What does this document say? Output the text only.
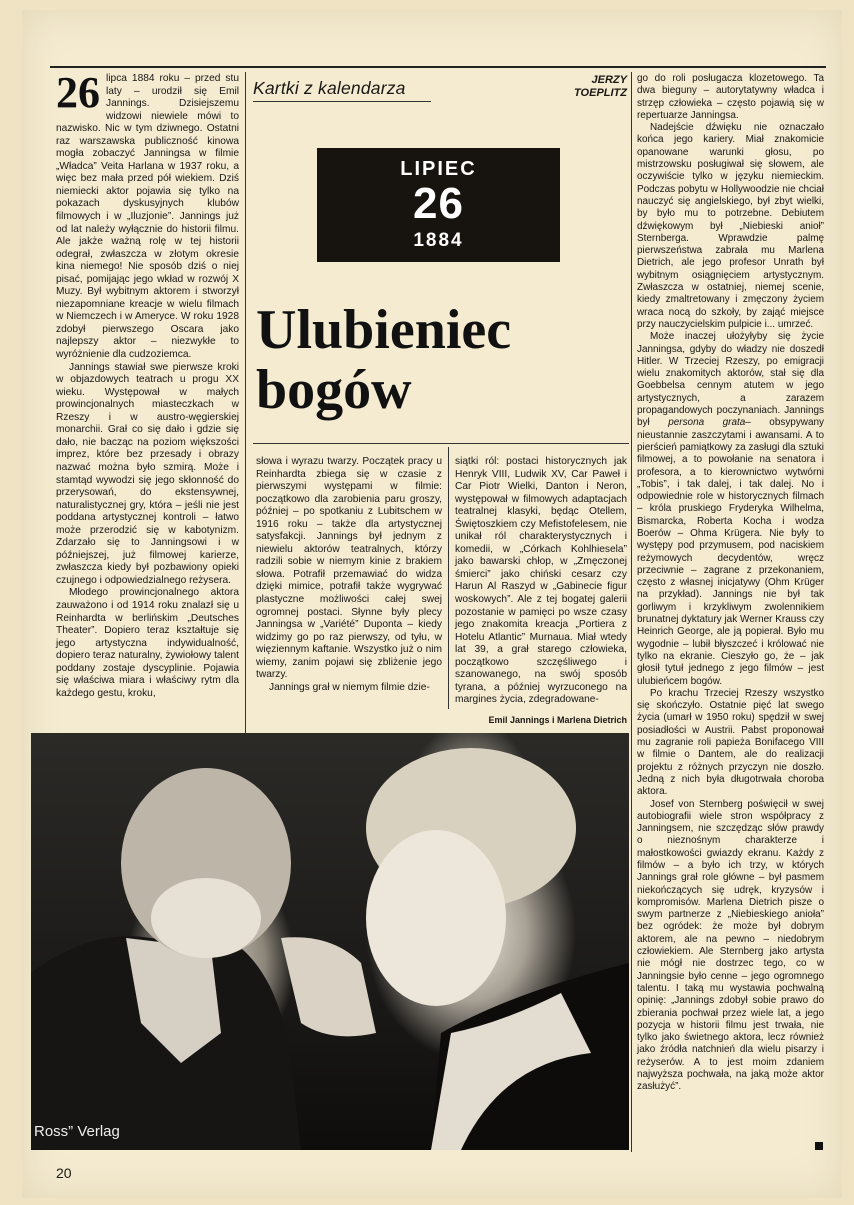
26 lipca 1884 roku – przed stu laty – urodził się Emil Jannings. Dzisiejszemu widzowi niewiele mówi to nazwisko. Nic w tym dziwnego. Ostatni raz warszawska publiczność kinowa mogła zobaczyć Janningsa w filmie „Władca” Veita Harlana w 1937 roku, a więc bez mała przed pół wiekiem. Dziś niemiecki aktor pojawia się tylko na pokazach dyskusyjnych klubów filmowych i w „Iluzjonie”. Jannings już od lat należy wyłącznie do historii filmu. Ale jakże ważną rolę w tej historii odegrał, zwłaszcza w złotym okresie kina niemego! Nie sposób dziś o niej pisać, pomijając jego wkład w rozwój X Muzy. Był wybitnym aktorem i stworzył niezapomniane kreacje w wielu filmach w Niemczech i w Ameryce. W roku 1928 zdobył pierwszego Oscara jako najlepszy aktor – niezwykłe to wyróżnienie dla cudzoziemca.

Jannings stawiał swe pierwsze kroki w objazdowych teatrach u progu XX wieku. Występował w małych prowincjonalnych miasteczkach w Rzeszy i w austro-węgierskiej monarchii. Grał co się dało i gdzie się dało, nie bacząc na poziom większości imprez, które bez przesady i obrazy nazwać można było szmirą. Może i stamtąd wywodzi się jego skłonność do przerysowań, do ekstensywnej, naturalistycznej gry, która – jeśli nie jest poddana artystycznej kontroli – łatwo może przerodzić się w kabotynizm. Zdarzało się to Janningsowi i w późniejszej, już filmowej karierze, zwłaszcza kiedy był pozbawiony opieki czujnego i odpowiedzialnego reżysera.

Młodego prowincjonalnego aktora zauważono i od 1914 roku znalazł się u Reinhardta w berlińskim „Deutsches Theater”. Dopiero teraz kształtuje się jego artystyczna indywidualność, dopiero teraz naturalny, żywiołowy talent poddany zostaje dyscyplinie. Pojawia się właściwa miara i właściwy rytm dla każdego gestu, kroku,

Kartki z kalendarza	JERZY TOEPLITZ
LIPIEC
26
1884
Ulubieniec
bogów

słowa i wyrazu twarzy. Początek pracy u Reinhardta zbiega się w czasie z pierwszymi występami w filmie: początkowo dla zarobienia paru groszy, później – po spotkaniu z Lubitschem w 1916 roku – także dla artystycznej satysfakcji. Jannings był jednym z niewielu aktorów teatralnych, którzy radzili sobie w niemym kinie z brakiem słowa. Potrafił przemawiać do widza dzięki mimice, potrafił także wygrywać plastyczne możliwości całej swej ogromnej postaci. Słynne były plecy Janningsa w „Variété” Duponta – kiedy widzimy go po raz pierwszy, od tyłu, w więziennym kaftanie. Wszystko już o nim wiemy, zanim pojawi się zbliżenie jego twarzy.

Jannings grał w niemym filmie dzie-

siątki ról: postaci historycznych jak Henryk VIII, Ludwik XV, Car Paweł i Car Piotr Wielki, Danton i Neron, występował w filmowych adaptacjach teatralnej klasyki, będąc Otellem, Świętoszkiem czy Mefistofelesem, nie unikał ról charakterystycznych i komedii, w „Córkach Kohlhiesela” jako bawarski chłop, w „Zmęczonej śmierci” jako chiński cesarz czy Harun Al Raszyd w „Gabinecie figur woskowych”. Ale z tej bogatej galerii pozostanie w pamięci po wsze czasy jego znakomita kreacja „Portiera z Hotelu Atlantic” Murnaua. Miał wtedy lat 39, a grał starego człowieka, początkowo szczęśliwego i szanowanego, na swój sposób tyrana, a później wyrzuconego na margines życia, zdegradowane-

Emil Jannings i Marlena Dietrich

go do roli posługacza klozetowego. Ta dwa bieguny – autorytatywny władca i strzęp człowieka – często pojawią się w repertuarze Janningsa.

Nadejście dźwięku nie oznaczało końca jego kariery. Miał znakomicie opanowane warunki głosu, po mistrzowsku posługiwał się słowem, ale oczywiście tylko w języku niemieckim. Podczas pobytu w Hollywoodzie nie chciał nauczyć się angielskiego, był zbyt wielki, by było mu to potrzebne. Debiutem dźwiękowym był „Niebieski anioł” Sternberga. Wprawdzie palmę pierwszeństwa zabrała mu Marlena Dietrich, ale jego profesor Unrath był wybitnym osiągnięciem artystycznym. Zwłaszcza w ostatniej, niemej scenie, kiedy zmaltretowany i zmęczony życiem wraca nocą do szkoły, by zająć miejsce przy nauczycielskim pulpicie i... umrzeć.

Może inaczej ułożyłyby się życie Janningsa, gdyby do władzy nie doszedł Hitler. W Trzeciej Rzeszy, po emigracji wielu znakomitych aktorów, stał się dla Goebbelsa cennym atutem w jego artystycznych, a zarazem propagandowych poczynaniach. Jannings był persona grata– obsypywany nieustannie zaszczytami i awansami. A to pierścień pamiątkowy za zasługi dla sztuki filmowej, a to powołanie na senatora i profesora, a to kierownictwo wytwórni „Tobis”, i tak dalej, i tak dalej. No i odpowiednie role w historycznych filmach – króla pruskiego Fryderyka Wilhelma, Bismarcka, Roberta Kocha i wodza Boerów – Ohma Krügera. Nie były to występy pod przymusem, pod naciskiem reżymowych decydentów, wręcz przeciwnie – zagrane z przekonaniem, często z własnej inicjatywy (Ohm Krüger na przykład). Jannings nie był tak gorliwym i krzykliwym zwolennikiem brunatnej dyktatury jak Werner Krauss czy Heinrich George, ale ją popierał. Było mu wygodnie – lubił błyszczeć i królować nie tylko na ekranie. Cieszyło go, że – jak głosił tytuł jednego z jego filmów – jest ulubieńcem bogów.

Po krachu Trzeciej Rzeszy wszystko się skończyło. Ostatnie pięć lat swego życia (umarł w 1950 roku) spędził w swej posiadłości w Austrii. Pabst proponował mu zagranie roli papieża Bonifacego VIII w filmie o Dantem, ale do realizacji projektu z różnych przyczyn nie doszło. Jedną z nich była długotrwała choroba aktora.

Josef von Sternberg poświęcił w swej autobiografii wiele stron współpracy z Janningsem, nie szczędząc słów prawdy o nieznośnym charakterze i małostkowości gwiazdy ekranu. Każdy z filmów – a było ich trzy, w których Jannings grał role główne – był pasmem niekończących się udręk, kryzysów i kompromisów. Marlena Dietrich pisze o swym partnerze z „Niebieskiego anioła” bez ogródek: że może był dobrym aktorem, ale na pewno – niedobrym człowiekiem. Ale Sternberg jako artysta nie mógł nie dostrzec tego, co w Janningsie było cenne – jego ogromnego talentu. I taką mu wystawia pochwalną opinię: „Jannings zdobył sobie prawo do zbierania pochwał przez wiele lat, a jego pozycja w historii filmu jest trwała, nie tylko jako świetnego aktora, lecz również jako źródła natchnień dla wielu pisarzy i reżyserów. A to jest moim zdaniem najwyższa pochwała, na jaką może aktor zasłużyć”.

Ross” Verlag
20
